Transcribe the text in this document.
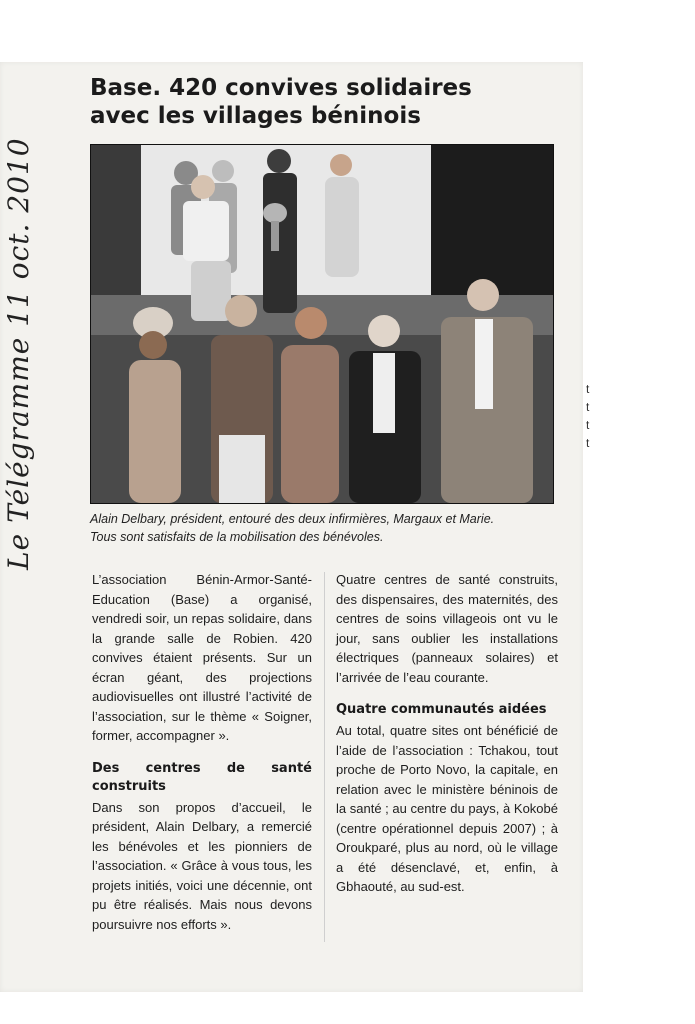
Le Télégramme 11 oct. 2010
Base. 420 convives solidaires
avec les villages béninois
Alain Delbary, président, entouré des deux infirmières, Margaux et Marie.
Tous sont satisfaits de la mobilisation des bénévoles.

L’association Bénin-Armor-Santé-Education (Base) a organisé, vendredi soir, un repas solidaire, dans la grande salle de Robien. 420 convives étaient présents. Sur un écran géant, des projections audiovisuelles ont illustré l’activité de l’association, sur le thème « Soigner, former, accompagner ».

Des centres de santé construits

Dans son propos d’accueil, le président, Alain Delbary, a remercié les bénévoles et les pionniers de l’association. « Grâce à vous tous, les projets initiés, voici une décennie, ont pu être réalisés. Mais nous devons poursuivre nos efforts ».

Quatre centres de santé construits, des dispensaires, des maternités, des centres de soins villageois ont vu le jour, sans oublier les installations électriques (panneaux solaires) et l’arrivée de l’eau courante.

Quatre communautés aidées

Au total, quatre sites ont bénéficié de l’aide de l’association : Tchakou, tout proche de Porto Novo, la capitale, en relation avec le ministère béninois de la santé ; au centre du pays, à Kokobé (centre opérationnel depuis 2007) ; à Oroukparé, plus au nord, où le village a été désenclavé, et, enfin, à Gbhaouté, au sud-est.

t
t
t
t
